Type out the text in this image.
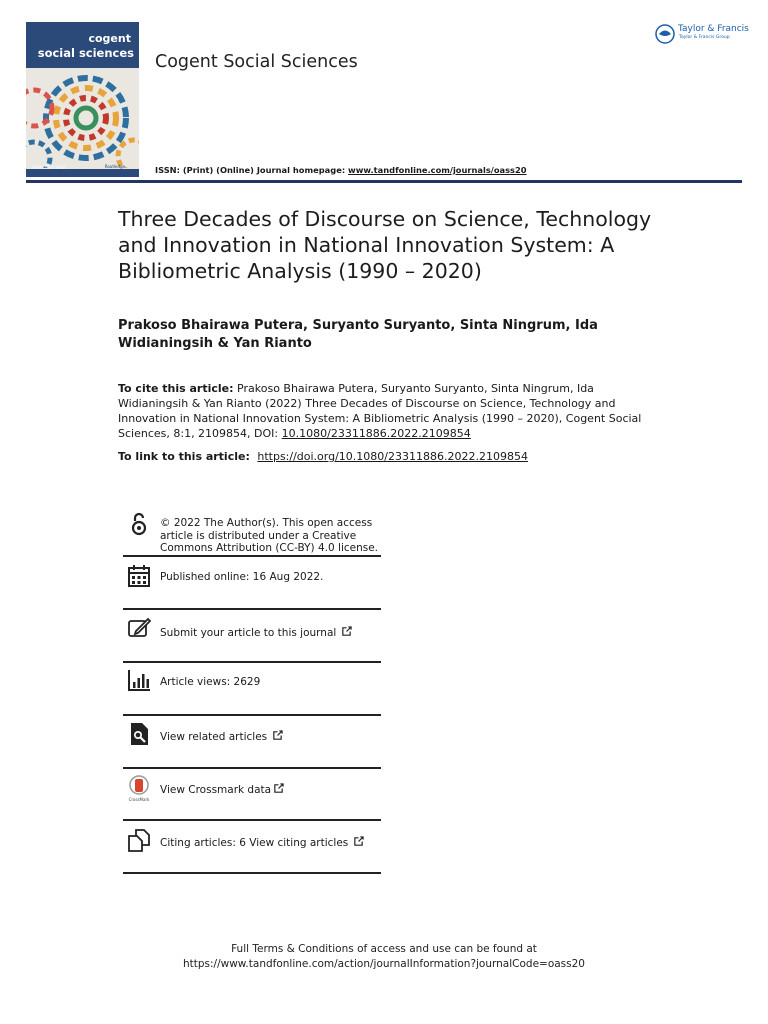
cogent
social sciences
ISSN: 2331-1983	Routledge
Cogent Social Sciences
Taylor & Francis
Taylor & Francis Group
ISSN: (Print) (Online) Journal homepage: www.tandfonline.com/journals/oass20
Three Decades of Discourse on Science, Technology and Innovation in National Innovation System: A Bibliometric Analysis (1990 – 2020)
Prakoso Bhairawa Putera, Suryanto Suryanto, Sinta Ningrum, Ida Widianingsih & Yan Rianto
To cite this article: Prakoso Bhairawa Putera, Suryanto Suryanto, Sinta Ningrum, Ida Widianingsih & Yan Rianto (2022) Three Decades of Discourse on Science, Technology and Innovation in National Innovation System: A Bibliometric Analysis (1990 – 2020), Cogent Social Sciences, 8:1, 2109854, DOI: 10.1080/23311886.2022.2109854
To link to this article: https://doi.org/10.1080/23311886.2022.2109854
© 2022 The Author(s). This open access
article is distributed under a Creative
Commons Attribution (CC-BY) 4.0 license.
Published online: 16 Aug 2022.
Submit your article to this journal
Article views: 2629
View related articles
CrossMark
View Crossmark data
Citing articles: 6 View citing articles
Full Terms & Conditions of access and use can be found at
https://www.tandfonline.com/action/journalInformation?journalCode=oass20
